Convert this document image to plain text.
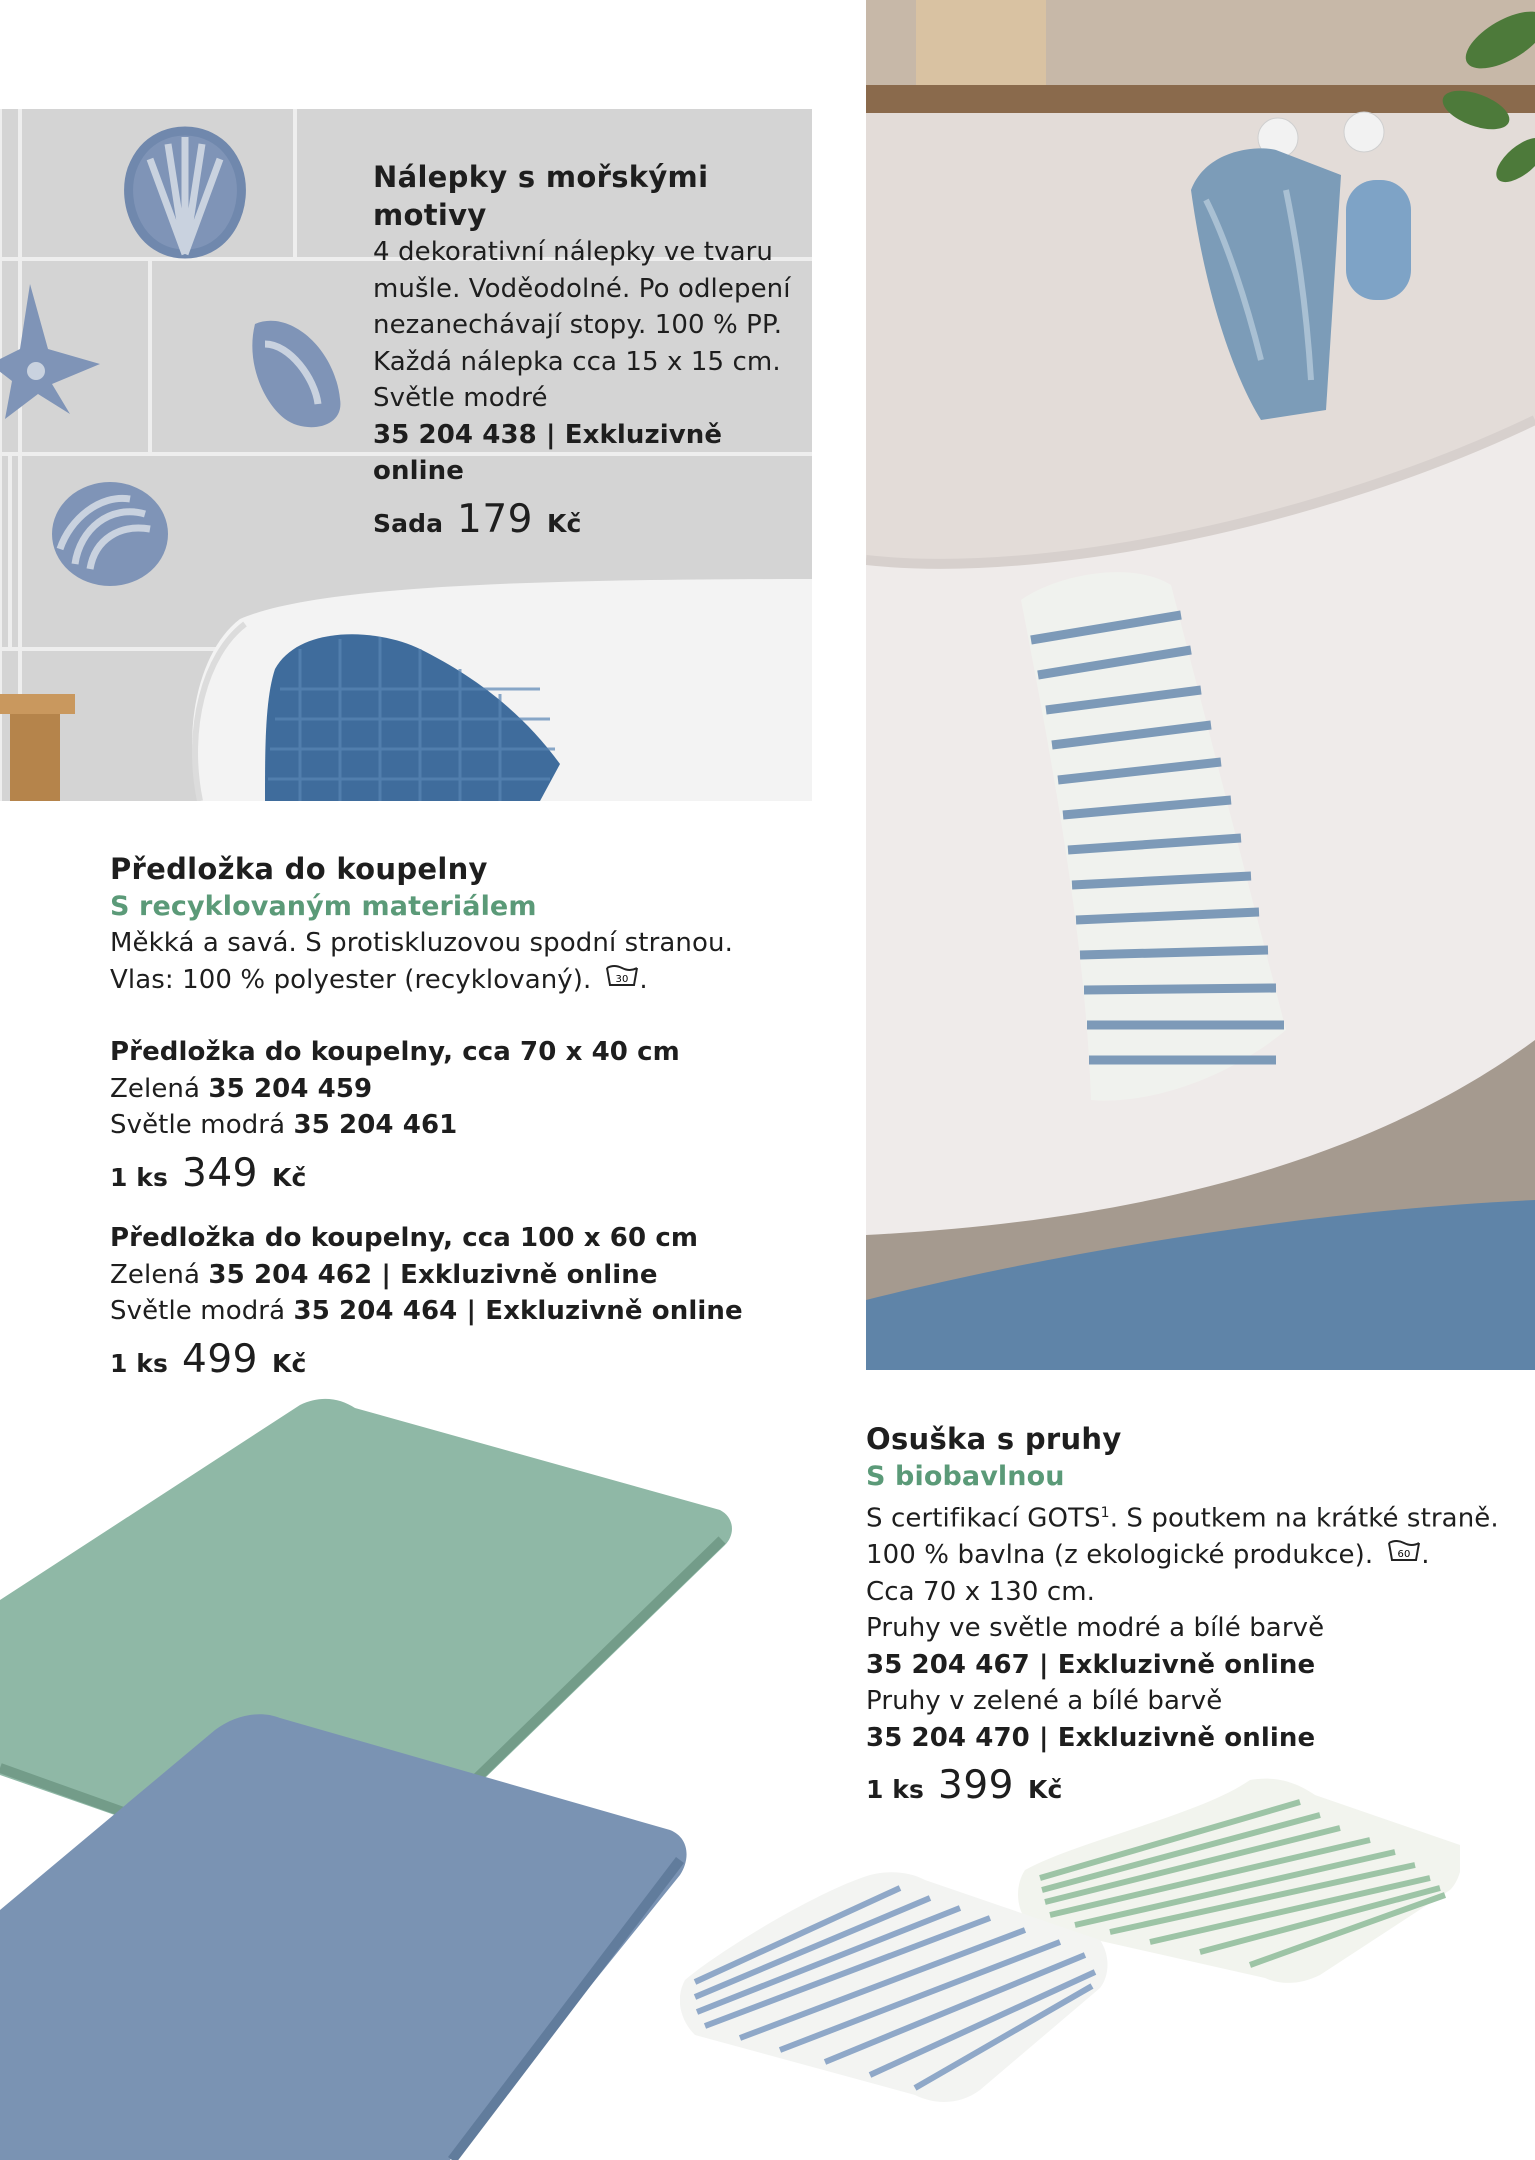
Nálepky s mořskými

motivy

4 dekorativní nálepky ve tvaru

mušle. Voděodolné. Po odlepení

nezanechávají stopy. 100 % PP.

Každá nálepka cca 15 x 15 cm.

Světle modré

35 204 438 | Exkluzivně online

Sada 179 Kč

Předložka do koupelny

S recyklovaným materiálem

Měkká a savá. S protiskluzovou spodní stranou.

Vlas: 100 % polyester (recyklovaný). 30 .

Předložka do koupelny, cca 70 x 40 cm

Zelená 35 204 459

Světle modrá 35 204 461

1 ks 349 Kč

Předložka do koupelny, cca 100 x 60 cm

Zelená 35 204 462 | Exkluzivně online

Světle modrá 35 204 464 | Exkluzivně online

1 ks 499 Kč

Osuška s pruhy

S biobavlnou

S certifikací GOTS$^1$. S poutkem na krátké straně.

100 % bavlna (z ekologické produkce). 60 .

Cca 70 x 130 cm.

Pruhy ve světle modré a bílé barvě

35 204 467 | Exkluzivně online

Pruhy v zelené a bílé barvě

35 204 470 | Exkluzivně online

1 ks 399 Kč
